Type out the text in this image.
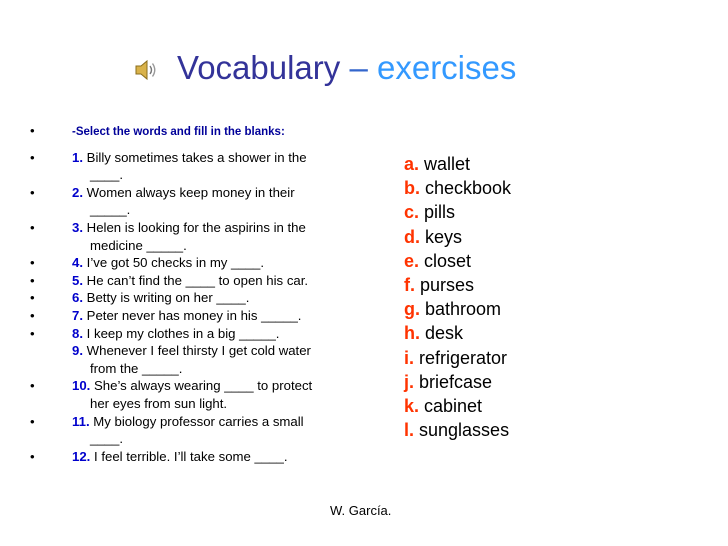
Vocabulary – exercises
• -Select the words and fill in the blanks:
• 1. Billy sometimes takes a shower in the
____.
• 2. Women always keep money in their
_____.
• 3. Helen is looking for the aspirins in the
medicine _____.
• 4. I’ve got 50 checks in my ____.
• 5. He can’t find the ____ to open his car.
• 6. Betty is writing on her ____.
• 7. Peter never has money in his _____.
• 8. I keep my clothes in a big _____.
9. Whenever I feel thirsty I get cold water
from the _____.
• 10. She’s always wearing ____ to protect
her eyes from sun light.
• 11. My biology professor carries a small
____.
• 12. I feel terrible. I’ll take some ____.
a. wallet
b. checkbook
c. pills
d. keys
e. closet
f. purses
g. bathroom
h. desk
i. refrigerator
j. briefcase
k. cabinet
l. sunglasses
W. García.
